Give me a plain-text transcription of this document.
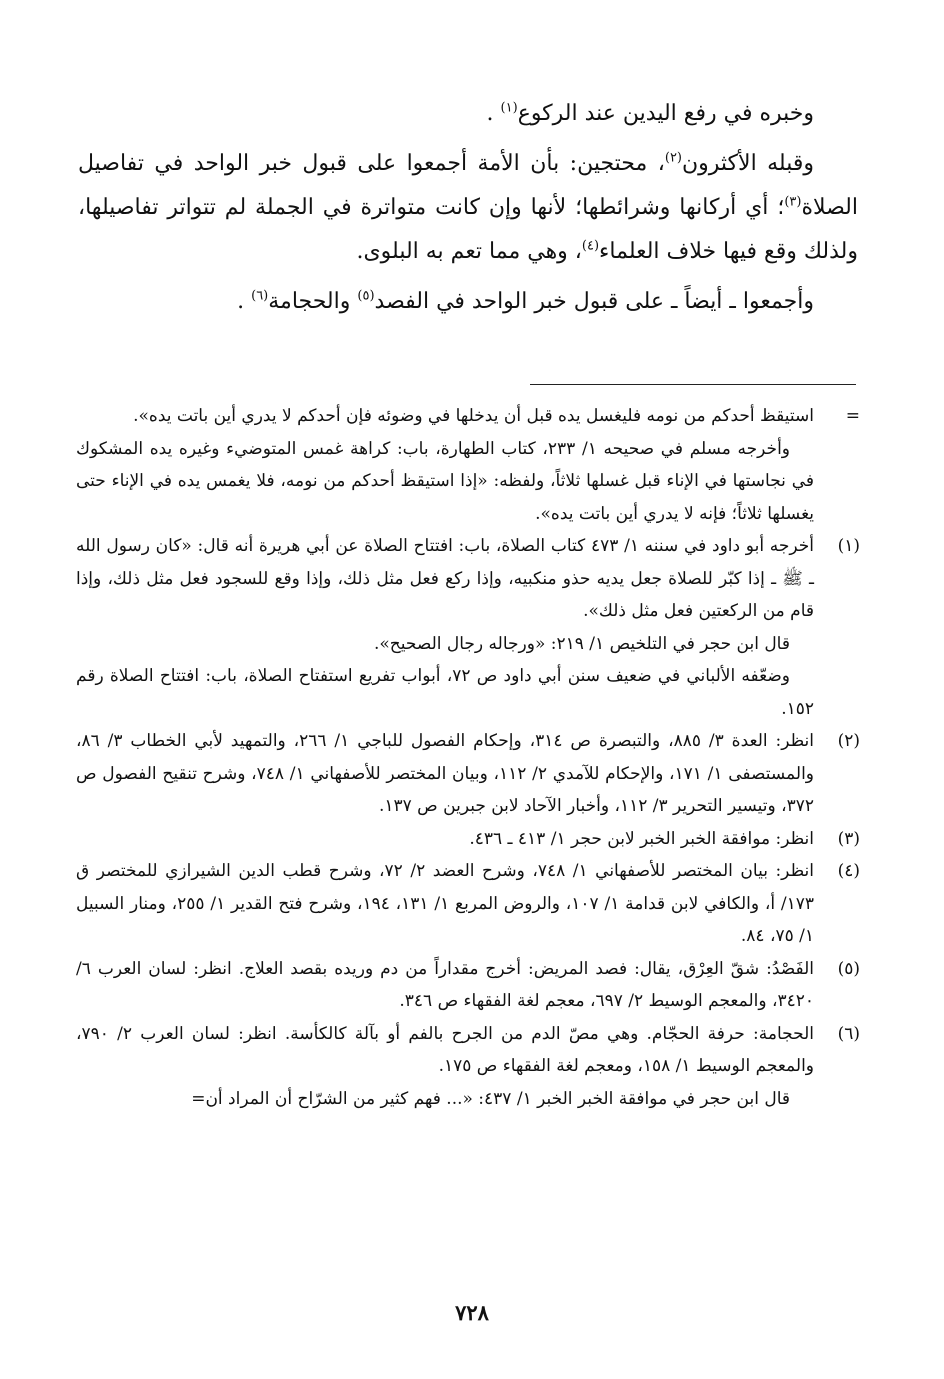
وخبره في رفع اليدين عند الركوع$^{(١)}$ .

وقبله الأكثرون$^{(٢)}$، محتجين: بأن الأمة أجمعوا على قبول خبر الواحد في تفاصيل الصلاة$^{(٣)}$؛ أي أركانها وشرائطها؛ لأنها وإن كانت متواترة في الجملة لم تتواتر تفاصيلها، ولذلك وقع فيها خلاف العلماء$^{(٤)}$، وهي مما تعم به البلوى.

وأجمعوا ـ أيضاً ـ على قبول خبر الواحد في الفصد$^{(٥)}$ والحجامة$^{(٦)}$ .

=

استيقظ أحدكم من نومه فليغسل يده قبل أن يدخلها في وضوئه فإن أحدكم لا يدري أين باتت يده».

وأخرجه مسلم في صحيحه ١/ ٢٣٣، كتاب الطهارة، باب: كراهة غمس المتوضيء وغيره يده المشكوك في نجاستها في الإناء قبل غسلها ثلاثاً، ولفظه: «إذا استيقظ أحدكم من نومه، فلا يغمس يده في الإناء حتى يغسلها ثلاثاً؛ فإنه لا يدري أين باتت يده».

(١)

أخرجه أبو داود في سننه ١/ ٤٧٣ كتاب الصلاة، باب: افتتاح الصلاة عن أبي هريرة أنه قال: «كان رسول الله ـ ﷺ ـ إذا كبّر للصلاة جعل يديه حذو منكبيه، وإذا ركع فعل مثل ذلك، وإذا وقع للسجود فعل مثل ذلك، وإذا قام من الركعتين فعل مثل ذلك».

قال ابن حجر في التلخيص ١/ ٢١٩: «ورجاله رجال الصحيح».

وضعّفه الألباني في ضعيف سنن أبي داود ص ٧٢، أبواب تفريع استفتاح الصلاة، باب: افتتاح الصلاة رقم ١٥٢.

(٢)

انظر: العدة ٣/ ٨٨٥، والتبصرة ص ٣١٤، وإحكام الفصول للباجي ١/ ٢٦٦، والتمهيد لأبي الخطاب ٣/ ٨٦، والمستصفى ١/ ١٧١، والإحكام للآمدي ٢/ ١١٢، وبيان المختصر للأصفهاني ١/ ٧٤٨، وشرح تنقيح الفصول ص ٣٧٢، وتيسير التحرير ٣/ ١١٢، وأخبار الآحاد لابن جبرين ص ١٣٧.

(٣)

انظر: موافقة الخبر الخبر لابن حجر ١/ ٤١٣ ـ ٤٣٦.

(٤)

انظر: بيان المختصر للأصفهاني ١/ ٧٤٨، وشرح العضد ٢/ ٧٢، وشرح قطب الدين الشيرازي للمختصر ق ١٧٣/ أ، والكافي لابن قدامة ١/ ١٠٧، والروض المربع ١/ ١٣١، ١٩٤، وشرح فتح القدير ١/ ٢٥٥، ومنار السبيل ١/ ٧٥، ٨٤.

(٥)

الفَصْدُ: شقّ العِرْق، يقال: فصد المريض: أخرج مقداراً من دم وريده بقصد العلاج. انظر: لسان العرب ٦/ ٣٤٢٠، والمعجم الوسيط ٢/ ٦٩٧، معجم لغة الفقهاء ص ٣٤٦.

(٦)

الحجامة: حرفة الحجّام. وهي مصّ الدم من الجرح بالفم أو بآلة كالكأسة. انظر: لسان العرب ٢/ ٧٩٠، والمعجم الوسيط ١/ ١٥٨، ومعجم لغة الفقهاء ص ١٧٥.

قال ابن حجر في موافقة الخبر الخبر ١/ ٤٣٧: «... فهم كثير من الشرّاح أن المراد أن=

٧٢٨
